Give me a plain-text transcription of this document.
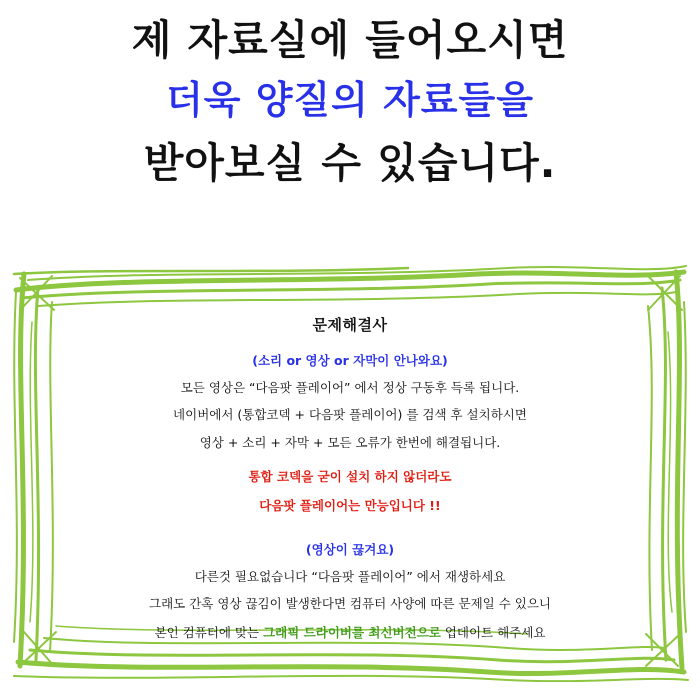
제 자료실에 들어오시면
더욱 양질의 자료들을
받아보실 수 있습니다.
문제해결사
(소리 or 영상 or 자막이 안나와요)
모든 영상은 “다음팟 플레이어” 에서 정상 구동후 득록 됩니다.
네이버에서 (통합코덱 + 다음팟 플레이어) 를 검색 후 설치하시면
영상 + 소리 + 자막 + 모든 오류가 한번에 해결됩니다.
통합 코덱을 굳이 설치 하지 않더라도
다음팟 플레이어는 만능입니다 !!
(영상이 끊겨요)
다른것 필요없습니다 “다음팟 플레이어” 에서 재생하세요
그래도 간혹 영상 끊김이 발생한다면 컴퓨터 사양에 따른 문제일 수 있으니
본인 컴퓨터에 맞는 그래픽 드라이버를 최신버전으로 업데이트 해주세요
